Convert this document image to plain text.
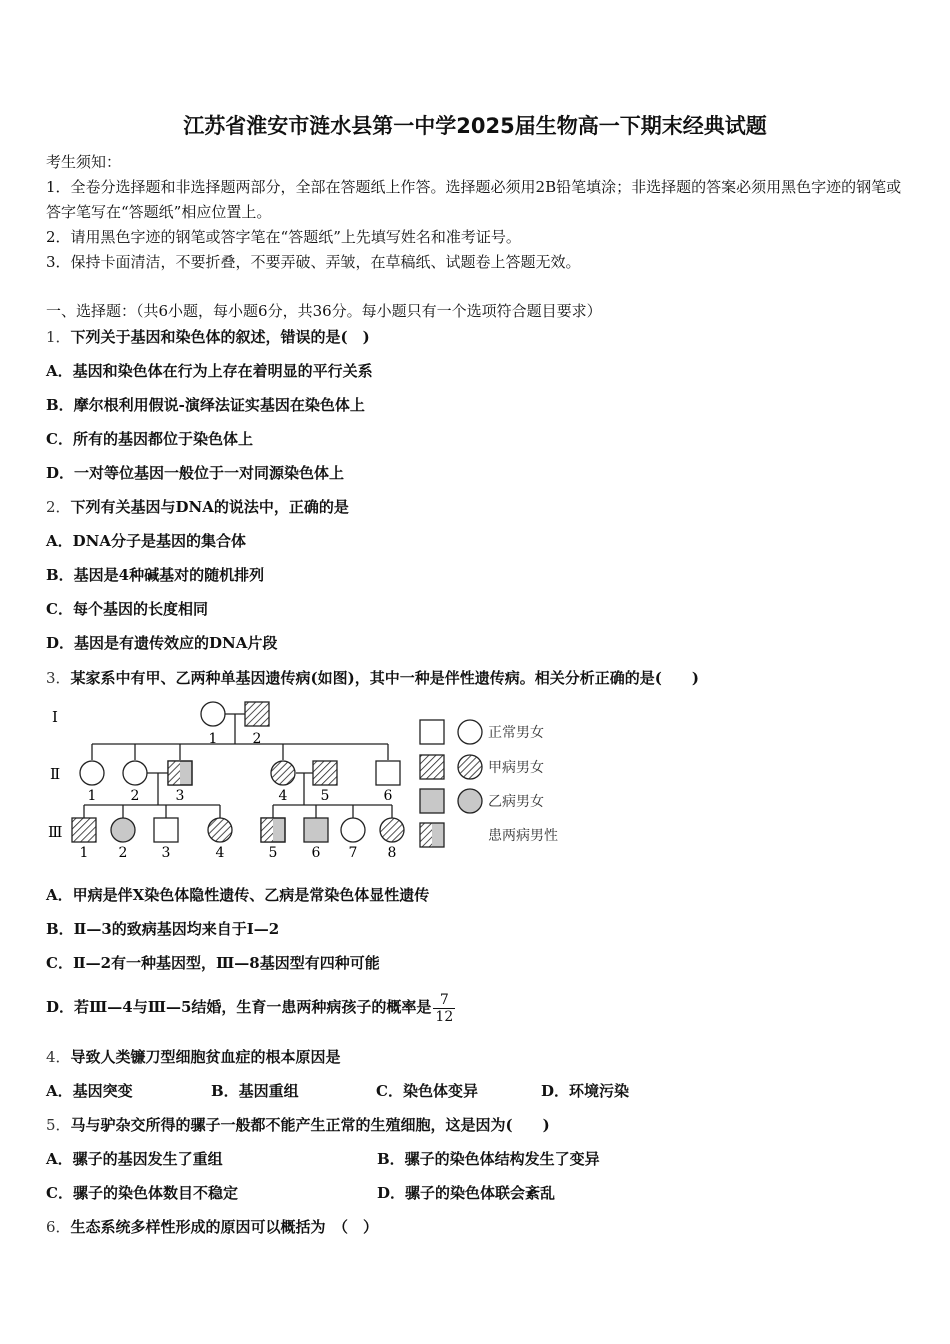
江苏省淮安市涟水县第一中学2025届生物高一下期末经典试题
考生须知：
1．全卷分选择题和非选择题两部分，全部在答题纸上作答。选择题必须用2B铅笔填涂；非选择题的答案必须用黑色字迹的钢笔或答字笔写在“答题纸”相应位置上。
2．请用黑色字迹的钢笔或答字笔在“答题纸”上先填写姓名和准考证号。
3．保持卡面清洁，不要折叠，不要弄破、弄皱，在草稿纸、试题卷上答题无效。
一、选择题：（共6小题，每小题6分，共36分。每小题只有一个选项符合题目要求）
1．下列关于基因和染色体的叙述，错误的是(　)
A．基因和染色体在行为上存在着明显的平行关系
B．摩尔根利用假说-演绎法证实基因在染色体上
C．所有的基因都位于染色体上
D．一对等位基因一般位于一对同源染色体上
2．下列有关基因与DNA的说法中，正确的是
A．DNA分子是基因的集合体
B．基因是4种碱基对的随机排列
C．每个基因的长度相同
D．基因是有遗传效应的DNA片段
3．某家系中有甲、乙两种单基因遗传病(如图)，其中一种是伴性遗传病。相关分析正确的是(　　)
Ⅰ
Ⅱ
Ⅲ
1	2
1 2	3	4 5	6
1 2 3	4	5 6 7 8
正常男女
甲病男女
乙病男女
患两病男性
A．甲病是伴X染色体隐性遗传、乙病是常染色体显性遗传
B．Ⅱ—3的致病基因均来自于Ⅰ—2
C．Ⅱ—2有一种基因型，Ⅲ—8基因型有四种可能
D．若Ⅲ—4与Ⅲ—5结婚，生育一患两种病孩子的概率是 $\frac{7}{12}$
4．导致人类镰刀型细胞贫血症的根本原因是
A．基因突变	B．基因重组	C．染色体变异	D．环境污染
5．马与驴杂交所得的骡子一般都不能产生正常的生殖细胞，这是因为(　　)
A．骡子的基因发生了重组	B．骡子的染色体结构发生了变异
C．骡子的染色体数目不稳定	D．骡子的染色体联会紊乱
6．生态系统多样性形成的原因可以概括为　（　）
